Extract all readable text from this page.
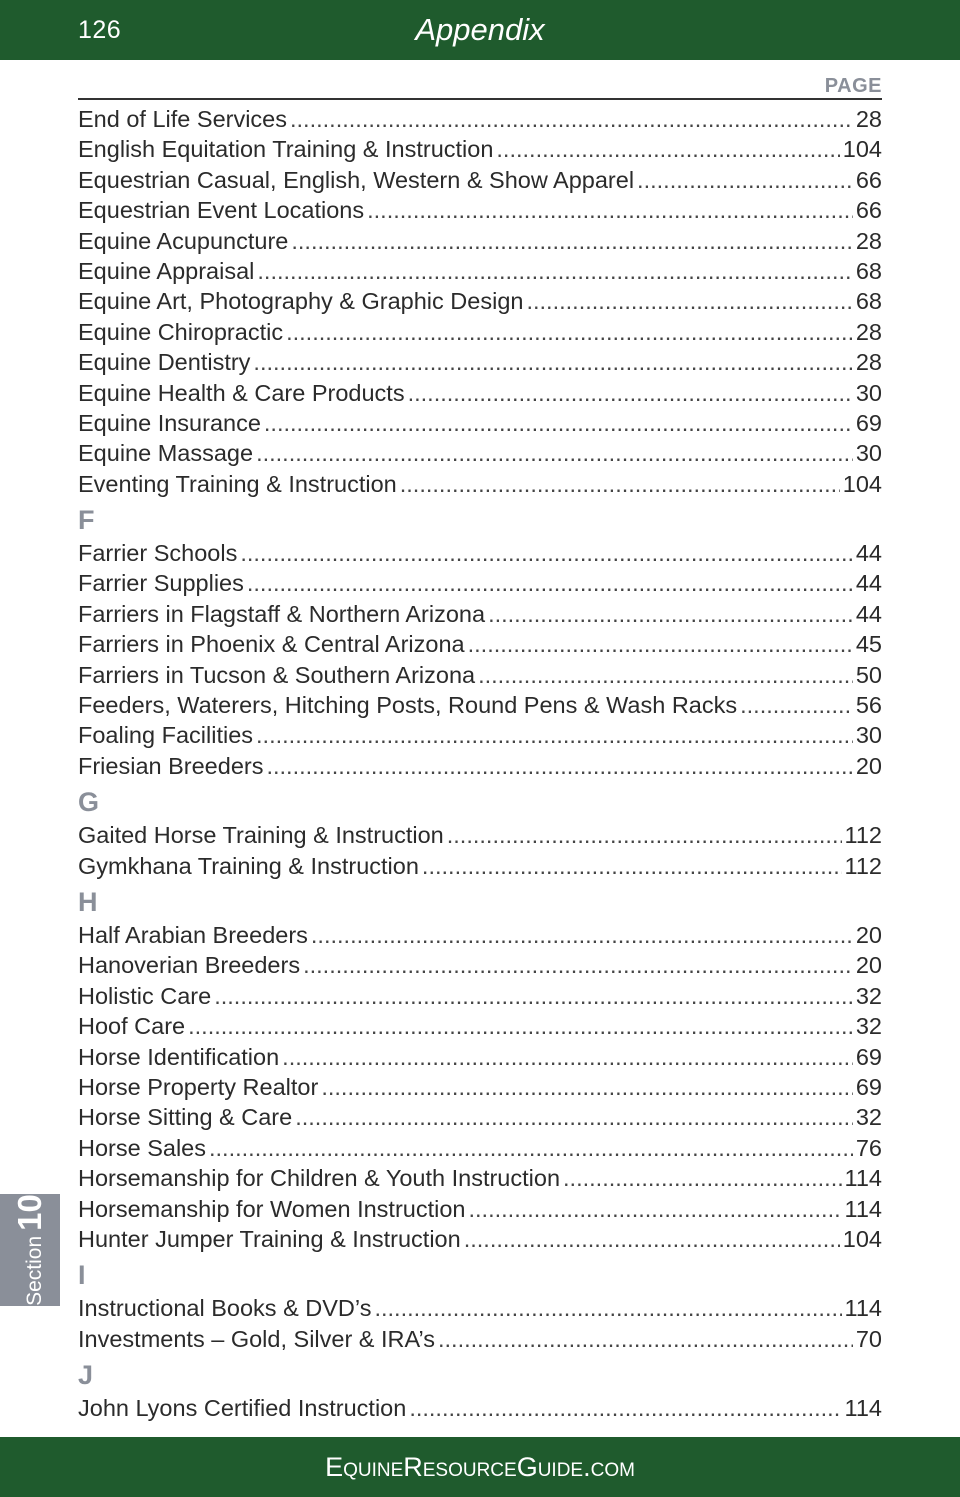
126	Appendix
PAGE
End of Life Services .....	28
English Equitation Training & Instruction .....	104
Equestrian Casual, English, Western & Show Apparel .....	66
Equestrian Event Locations .....	66
Equine Acupuncture .....	28
Equine Appraisal .....	68
Equine Art, Photography & Graphic Design .....	68
Equine Chiropractic .....	28
Equine Dentistry .....	28
Equine Health & Care Products .....	30
Equine Insurance .....	69
Equine Massage .....	30
Eventing Training & Instruction .....	104
F
Farrier Schools .....	44
Farrier Supplies .....	44
Farriers in Flagstaff & Northern Arizona .....	44
Farriers in Phoenix & Central Arizona .....	45
Farriers in Tucson & Southern Arizona .....	50
Feeders, Waterers, Hitching Posts, Round Pens & Wash Racks .....	56
Foaling Facilities .....	30
Friesian Breeders .....	20
G
Gaited Horse Training & Instruction .....	112
Gymkhana Training & Instruction .....	112
H
Half Arabian Breeders .....	20
Hanoverian Breeders .....	20
Holistic Care .....	32
Hoof Care .....	32
Horse Identification .....	69
Horse Property Realtor .....	69
Horse Sitting & Care .....	32
Horse Sales .....	76
Horsemanship for Children & Youth Instruction .....	114
Horsemanship for Women Instruction .....	114
Hunter Jumper Training & Instruction .....	104
I
Instructional Books & DVD’s .....	114
Investments – Gold, Silver & IRA’s .....	70
J
John Lyons Certified Instruction .....	114
Section
10
EquineResourceGuide.com
